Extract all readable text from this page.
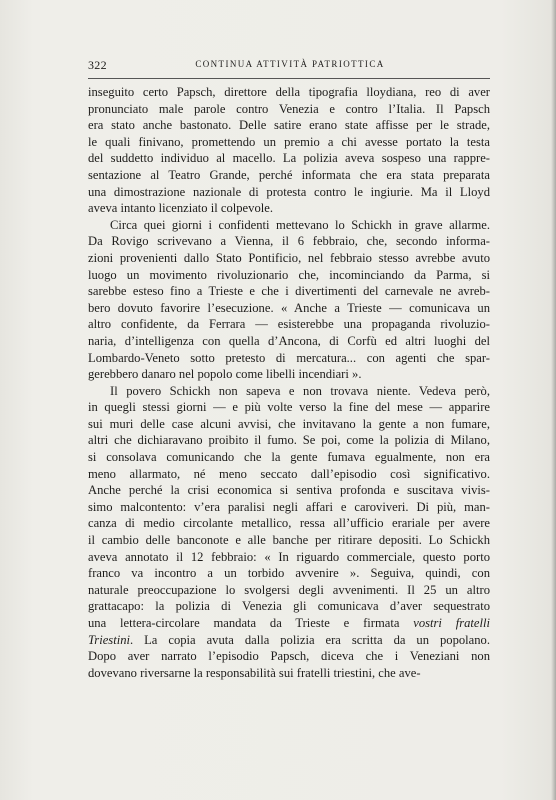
322	CONTINUA ATTIVITÀ PATRIOTTICA
inseguito certo Papsch, direttore della tipografia lloydiana, reo di aver
pronunciato male parole contro Venezia e contro l’Italia. Il Papsch
era stato anche bastonato. Delle satire erano state affisse per le strade,
le quali finivano, promettendo un premio a chi avesse portato la testa
del suddetto individuo al macello. La polizia aveva sospeso una rappre-
sentazione al Teatro Grande, perché informata che era stata preparata
una dimostrazione nazionale di protesta contro le ingiurie. Ma il Lloyd
aveva intanto licenziato il colpevole.
Circa quei giorni i confidenti mettevano lo Schickh in grave allarme.
Da Rovigo scrivevano a Vienna, il 6 febbraio, che, secondo informa-
zioni provenienti dallo Stato Pontificio, nel febbraio stesso avrebbe avuto
luogo un movimento rivoluzionario che, incominciando da Parma, si
sarebbe esteso fino a Trieste e che i divertimenti del carnevale ne avreb-
bero dovuto favorire l’esecuzione. « Anche a Trieste — comunicava un
altro confidente, da Ferrara — esisterebbe una propaganda rivoluzio-
naria, d’intelligenza con quella d’Ancona, di Corfù ed altri luoghi del
Lombardo-Veneto sotto pretesto di mercatura... con agenti che spar-
gerebbero danaro nel popolo come libelli incendiari ».
Il povero Schickh non sapeva e non trovava niente. Vedeva però,
in quegli stessi giorni — e più volte verso la fine del mese — apparire
sui muri delle case alcuni avvisi, che invitavano la gente a non fumare,
altri che dichiaravano proibito il fumo. Se poi, come la polizia di Milano,
si consolava comunicando che la gente fumava egualmente, non era
meno allarmato, né meno seccato dall’episodio così significativo.
Anche perché la crisi economica si sentiva profonda e suscitava vivis-
simo malcontento: v’era paralisi negli affari e caroviveri. Di più, man-
canza di medio circolante metallico, ressa all’ufficio erariale per avere
il cambio delle banconote e alle banche per ritirare depositi. Lo Schickh
aveva annotato il 12 febbraio: « In riguardo commerciale, questo porto
franco va incontro a un torbido avvenire ». Seguiva, quindi, con
naturale preoccupazione lo svolgersi degli avvenimenti. Il 25 un altro
grattacapo: la polizia di Venezia gli comunicava d’aver sequestrato
una lettera-circolare mandata da Trieste e firmata vostri fratelli
Triestini. La copia avuta dalla polizia era scritta da un popolano.
Dopo aver narrato l’episodio Papsch, diceva che i Veneziani non
dovevano riversarne la responsabilità sui fratelli triestini, che ave-
